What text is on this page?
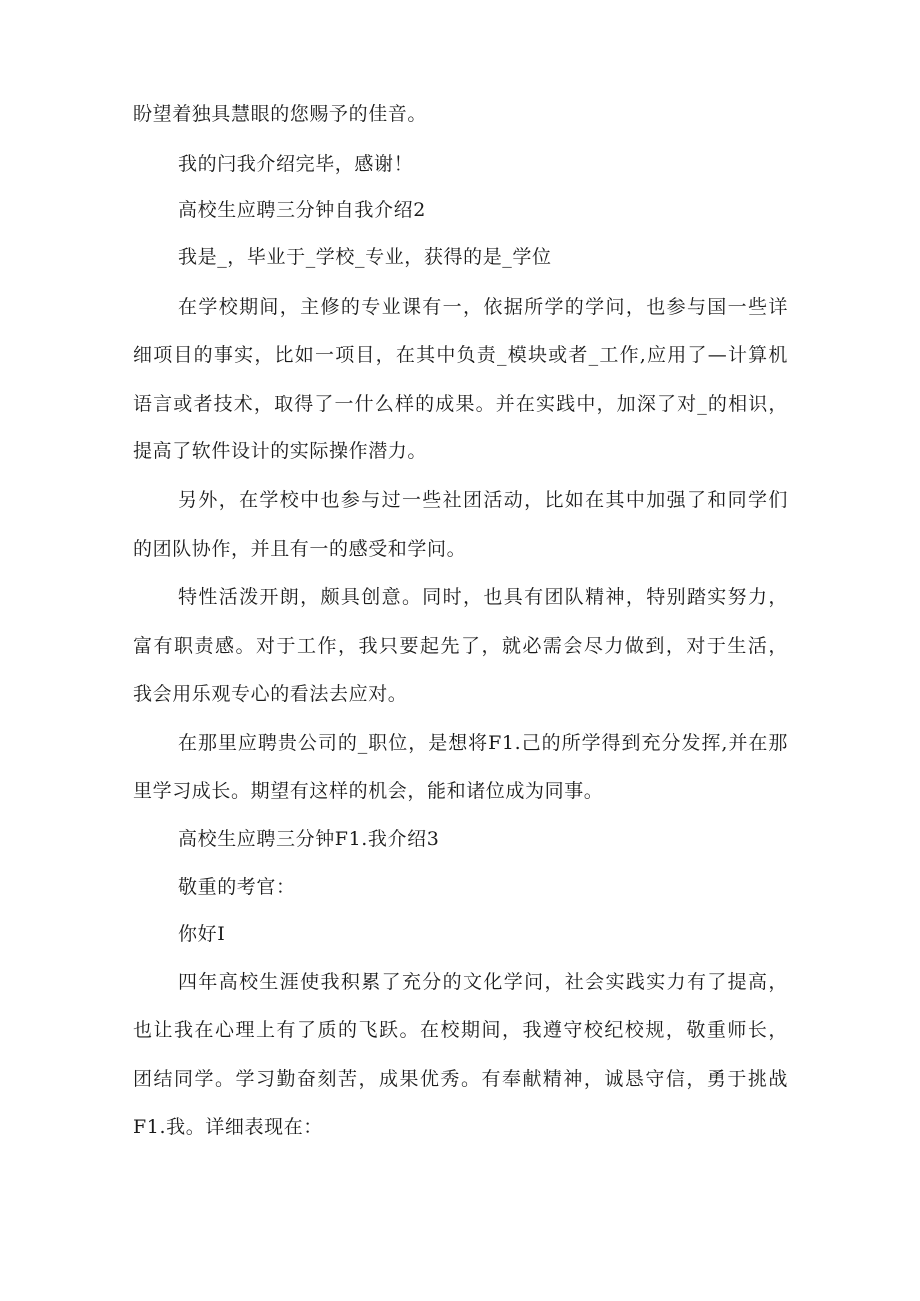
盼望着独具慧眼的您赐予的佳音。

我的闩我介绍完毕，感谢！

高校生应聘三分钟自我介绍2

我是_，毕业于_学校_专业，获得的是_学位

在学校期间，主修的专业课有一，依据所学的学问，也参与国一些详

细项目的事实，比如一项目，在其中负责_模块或者_工作,应用了—计算机

语言或者技术，取得了一什么样的成果。并在实践中，加深了对_的相识，

提高了软件设计的实际操作潜力。

另外，在学校中也参与过一些社团活动，比如在其中加强了和同学们

的团队协作，并且有一的感受和学问。

特性活泼开朗，颇具创意。同时，也具有团队精神，特别踏实努力，

富有职责感。对于工作，我只要起先了，就必需会尽力做到，对于生活，

我会用乐观专心的看法去应对。

在那里应聘贵公司的_职位，是想将F1.己的所学得到充分发挥,并在那

里学习成长。期望有这样的机会，能和诸位成为同事。

高校生应聘三分钟F1.我介绍3

敬重的考官：

你好I

四年高校生涯使我积累了充分的文化学问，社会实践实力有了提高，

也让我在心理上有了质的飞跃。在校期间，我遵守校纪校规，敬重师长，

团结同学。学习勤奋刻苦，成果优秀。有奉献精神，诚恳守信，勇于挑战

F1.我。详细表现在：
